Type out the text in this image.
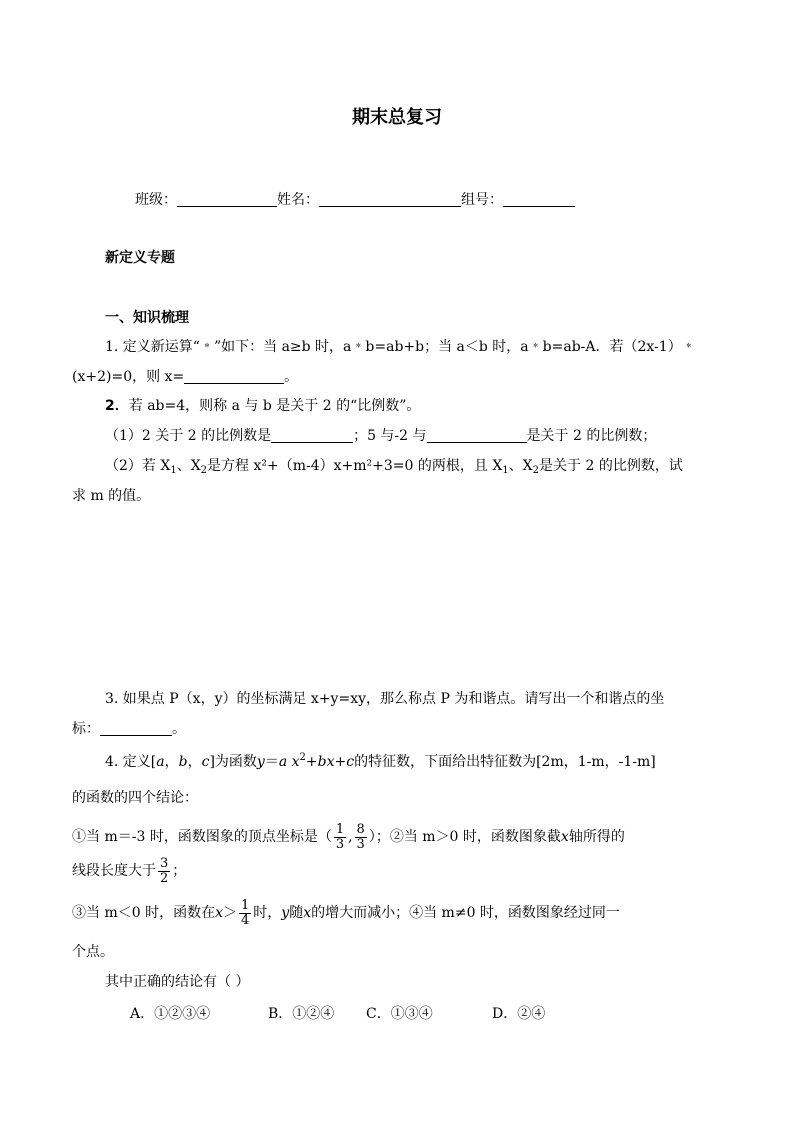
期末总复习
班级：	姓名：	组号：
新定义专题
一、知识梳理
1. 定义新运算“﹡”如下：当 a≥b 时，a﹡b=ab+b；当 a＜b 时，a﹡b=ab-A．若（2x-1）﹡
(x+2)=0，则 x=	。
2．若 ab=4，则称 a 与 b 是关于 2 的“比例数”。
（1）2 关于 2 的比例数是	；5 与-2 与	是关于 2 的比例数；
（2）若 $X_1$、$X_2$是方程 x²+（m-4）x+m²+3=0 的两根，且 $X_1$、$X_2$是关于 2 的比例数，试
求 m 的值。
3. 如果点 P（x，y）的坐标满足 x+y=xy，那么称点 P 为和谐点。请写出一个和谐点的坐
标：	。
4. 定义[a，b，c]为函数y＝a $x^2+bx+c$的特征数，下面给出特征数为[2m，1-m，-1-m]
的函数的四个结论：
①当 m＝-3 时，函数图象的顶点坐标是（ $\frac{1}{3}$ , $\frac{8}{3}$ ）；②当 m＞0 时，函数图象截x轴所得的
线段长度大于 $\frac{3}{2}$ ；
③当 m＜0 时，函数在$x> \frac{1}{4}$ 时，y随x的增大而减小；④当 m≠0 时，函数图象经过同一
个点。
其中正确的结论有（ ）
A．①②③④	B．①②④ C．①③④	D．②④
